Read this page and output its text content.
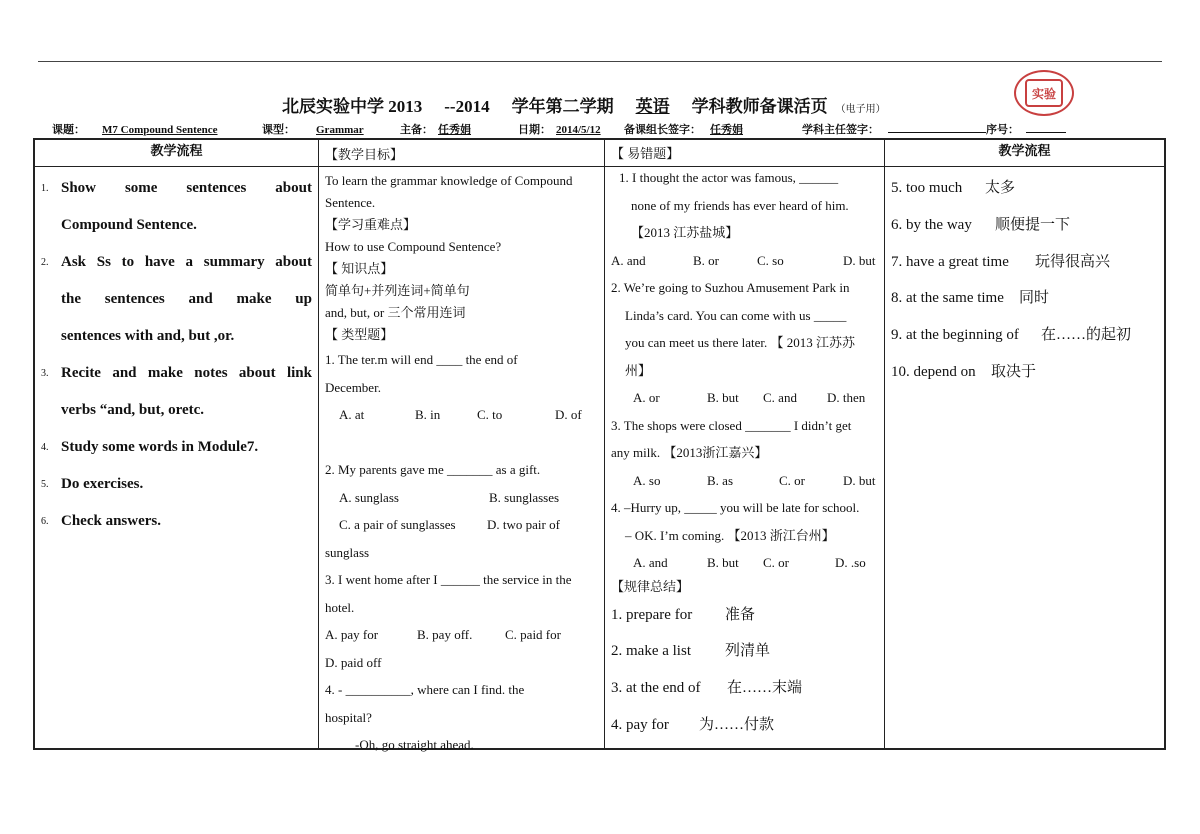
北辰实验中学 2013 --2014 学年第二学期 英语 学科教师备课活页 （电子用）
实验
课题： M7 Compound Sentence	课型： Grammar	主备： 任秀娟	日期： 2014/5/12 备课组长签字： 任秀娟	学科主任签字：	序号：
教学流程
1. Show some sentences about
Compound Sentence.
2. Ask Ss to have a summary about
the sentences and make up
sentences with and, but ,or.
3. Recite and make notes about link
verbs “and, but, oretc.
4. Study some words in Module7.
5. Do exercises.
6. Check answers.
【教学目标】
To learn the grammar knowledge of Compound
Sentence.
【学习重难点】
How to use Compound Sentence?
【 知识点】
简单句+并列连词+简单句
and, but, or 三个常用连词
【 类型题】
1. The ter.m will end ____ the end of
December.
A. at	B. in	C. to	D. of

2. My parents gave me _______ as a gift.
A. sunglass	B. sunglasses
C. a pair of sunglasses	D. two pair of
sunglass
3. I went home after I ______ the service in the
hotel.
A. pay for	B. pay off.	C. paid for
D. paid off
4. - __________, where can I find. the
hospital?
-Oh, go straight ahead.
【 易错题】
1. I thought the actor was famous, ______
none of my friends has ever heard of him.
【2013 江苏盐城】
A. and	B. or	C. so	D. but
2. We’re going to Suzhou Amusement Park in
Linda’s card. You can come with us _____
you can meet us there later. 【 2013 江苏苏
州】
A. or	B. but	C. and	D. then
3. The shops were closed _______ I didn’t get
any milk. 【2013浙江嘉兴】
A. so	B. as	C. or	D. but
4. –Hurry up, _____ you will be late for school.
– OK. I’m coming. 【2013 浙江台州】
A. and	B. but	C. or	D. .so
【规律总结】
1. prepare for	准备
2. make a list	列清单
3. at the end of	在……末端
4. pay for	为……付款
教学流程
5. too much	太多
6. by the way	顺便提一下
7. have a great time	玩得很高兴
8. at the same time	同时
9. at the beginning of	在……的起初
10. depend on	取决于
